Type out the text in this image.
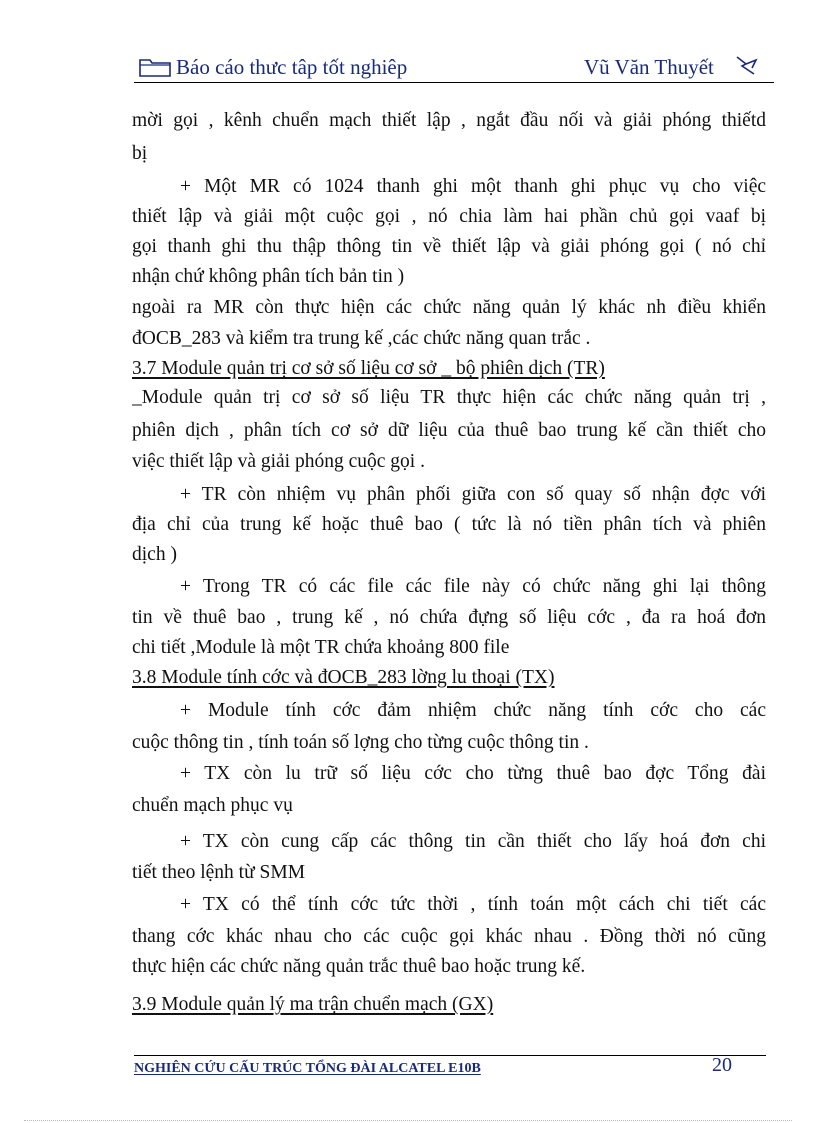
Báo cáo thưc tâp tốt nghiêp	Vũ Văn Thuyết
mời gọi , kênh chuển mạch thiết lập , ngắt đầu nối và giải phóng thiếtd
bị
+ Một MR có 1024 thanh ghi một thanh ghi phục vụ cho việc
thiết lập và giải một cuộc gọi , nó chia làm hai phần chủ gọi vaaf bị
gọi thanh ghi thu thập thông tin về thiết lập và giải phóng gọi ( nó chỉ
nhận chứ không phân tích bản tin )
ngoài ra MR còn thực hiện các chức năng quản lý khác nh điều khiển
đOCB_283 và kiểm tra trung kế ,các chức năng quan trắc .
3.7 Module quản trị cơ sở số liệu cơ sở _ bộ phiên dịch (TR)
_Module quản trị cơ sở số liệu TR thực hiện các chức năng quản trị ,
phiên dịch , phân tích cơ sở dữ liệu của thuê bao trung kế cần thiết cho
việc thiết lập và giải phóng cuộc gọi .
+ TR còn nhiệm vụ phân phối giữa con số quay số nhận đợc với
địa chỉ của trung kế hoặc thuê bao ( tức là nó tiền phân tích và phiên
dịch )
+ Trong TR có các file các file này có chức năng ghi lại thông
tin về thuê bao , trung kế , nó chứa đựng số liệu cớc , đa ra hoá đơn
chi tiết ,Module là một TR chứa khoảng 800 file
3.8 Module tính cớc và đOCB_283 lờng lu thoại (TX)
+ Module tính cớc đảm nhiệm chức năng tính cớc cho các
cuộc thông tin , tính toán số lợng cho từng cuộc thông tin .
+ TX còn lu trữ số liệu cớc cho từng thuê bao đợc Tổng đài
chuển mạch phục vụ
+ TX còn cung cấp các thông tin cần thiết cho lấy hoá đơn chi
tiết theo lệnh từ SMM
+ TX có thể tính cớc tức thời , tính toán một cách chi tiết các
thang cớc khác nhau cho các cuộc gọi khác nhau . Đồng thời nó cũng
thực hiện các chức năng quản trắc thuê bao hoặc trung kế.
3.9 Module quản lý ma trận chuển mạch (GX)
NGHIÊN CỨU CẤU TRÚC TỔNG ĐÀI ALCATEL E10B	20
